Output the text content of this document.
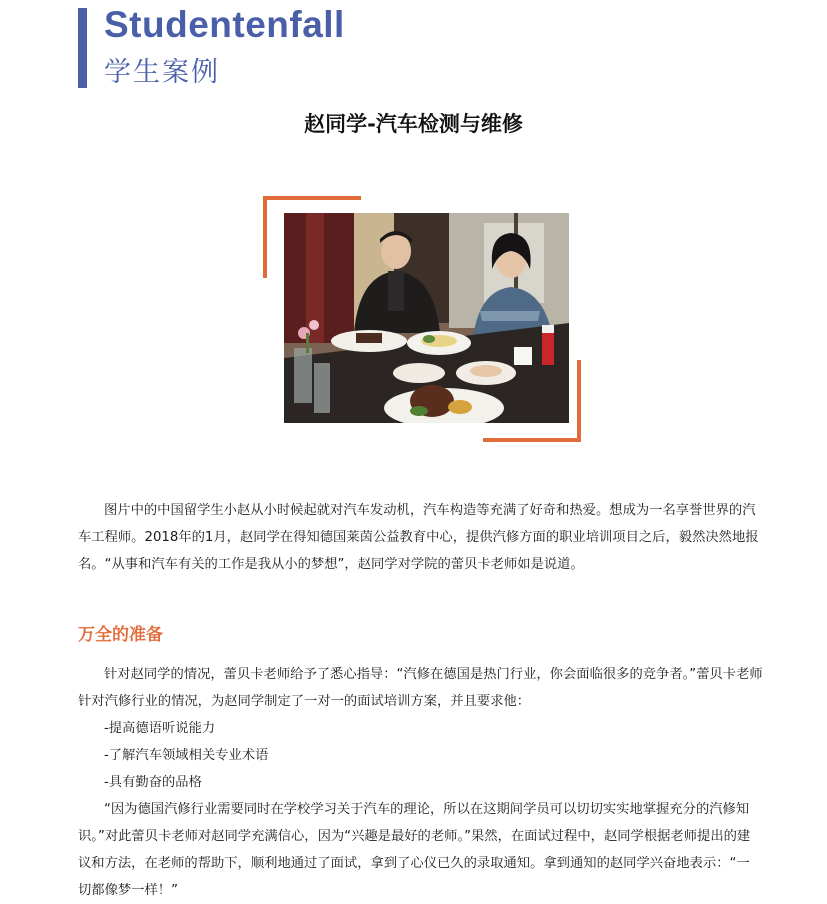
Studentenfall
学生案例
赵同学-汽车检测与维修

图片中的中国留学生小赵从小时候起就对汽车发动机，汽车构造等充满了好奇和热爱。想成为一名享誉世界的汽车工程师。2018年的1月，赵同学在得知德国莱茵公益教育中心，提供汽修方面的职业培训项目之后，毅然决然地报名。“从事和汽车有关的工作是我从小的梦想”，赵同学对学院的蕾贝卡老师如是说道。

万全的准备

针对赵同学的情况，蕾贝卡老师给予了悉心指导：“汽修在德国是热门行业，你会面临很多的竞争者。”蕾贝卡老师针对汽修行业的情况，为赵同学制定了一对一的面试培训方案，并且要求他：

-提高德语听说能力
-了解汽车领域相关专业术语
-具有勤奋的品格

“因为德国汽修行业需要同时在学校学习关于汽车的理论，所以在这期间学员可以切切实实地掌握充分的汽修知识。”对此蕾贝卡老师对赵同学充满信心，因为“兴趣是最好的老师。”果然，在面试过程中，赵同学根据老师提出的建议和方法，在老师的帮助下，顺利地通过了面试，拿到了心仪已久的录取通知。拿到通知的赵同学兴奋地表示：“一切都像梦一样！”
